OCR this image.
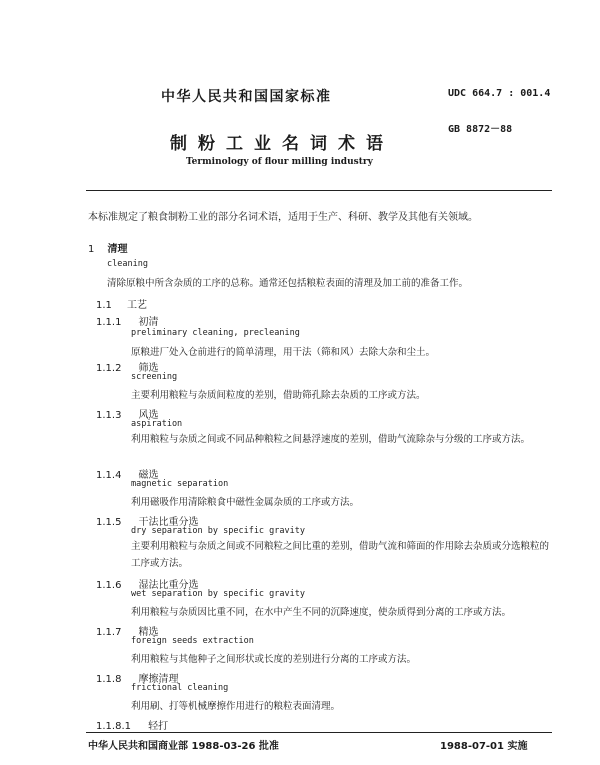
中华人民共和国国家标准	UDC 664.7 : 001.4
GB 8872－88
制粉工业名词术语
Terminology of flour milling industry
本标准规定了粮食制粉工业的部分名词术语，适用于生产、科研、教学及其他有关领域。
1 清理
cleaning
清除原粮中所含杂质的工序的总称。通常还包括粮粒表面的清理及加工前的准备工作。
1.1 工艺
1.1.1 初清
preliminary cleaning, precleaning
原粮进厂处入仓前进行的简单清理，用干法（筛和风）去除大杂和尘土。
1.1.2 筛选
screening
主要利用粮粒与杂质间粒度的差别，借助筛孔除去杂质的工序或方法。
1.1.3 风选
aspiration
利用粮粒与杂质之间或不同品种粮粒之间悬浮速度的差别，借助气流除杂与分级的工序或方法。
1.1.4 磁选
magnetic separation
利用磁吸作用清除粮食中磁性金属杂质的工序或方法。
1.1.5 干法比重分选
dry separation by specific gravity
主要利用粮粒与杂质之间或不同粮粒之间比重的差别，借助气流和筛面的作用除去杂质或分选粮粒的工序或方法。
1.1.6 湿法比重分选
wet separation by specific gravity
利用粮粒与杂质因比重不同，在水中产生不同的沉降速度，使杂质得到分离的工序或方法。
1.1.7 精选
foreign seeds extraction
利用粮粒与其他种子之间形状或长度的差别进行分离的工序或方法。
1.1.8 摩擦清理
frictional cleaning
利用刷、打等机械摩擦作用进行的粮粒表面清理。
1.1.8.1 轻打
中华人民共和国商业部 1988-03-26 批准	1988-07-01 实施
